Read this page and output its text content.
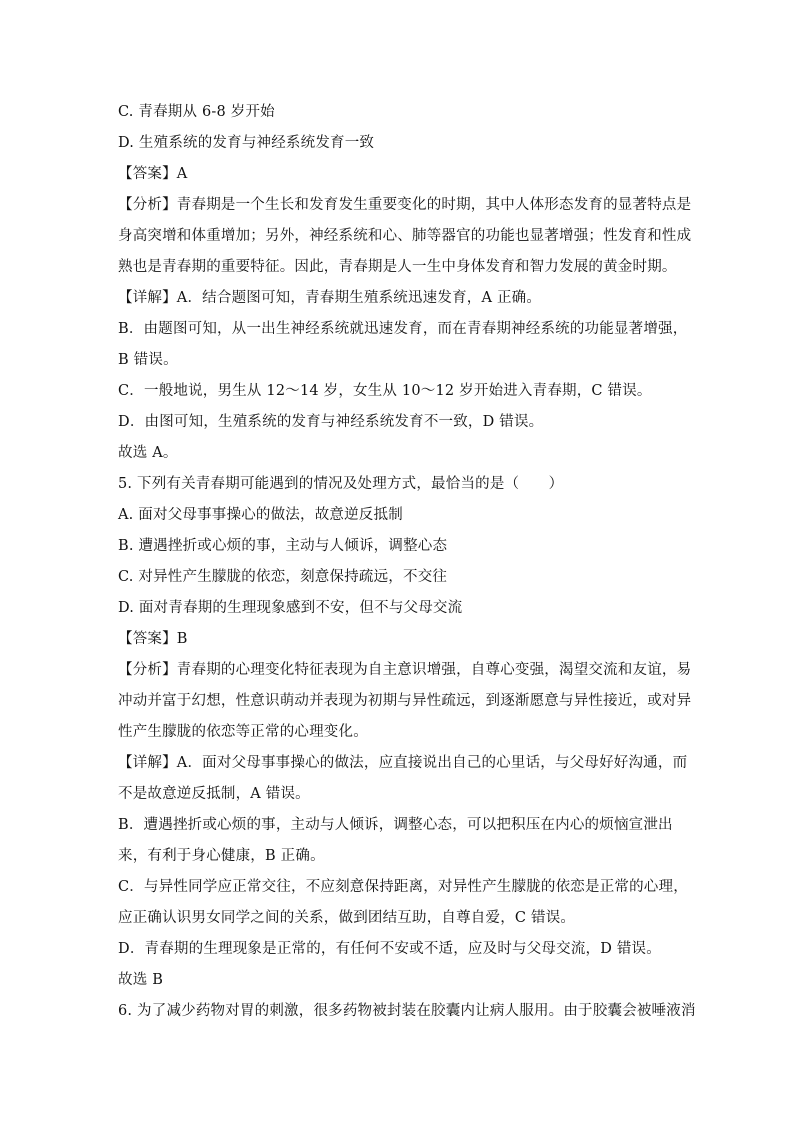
C. 青春期从 6-8 岁开始
D. 生殖系统的发育与神经系统发育一致
【答案】A
【分析】青春期是一个生长和发育发生重要变化的时期，其中人体形态发育的显著特点是
身高突增和体重增加；另外，神经系统和心、肺等器官的功能也显著增强；性发育和性成
熟也是青春期的重要特征。因此，青春期是人一生中身体发育和智力发展的黄金时期。
【详解】A．结合题图可知，青春期生殖系统迅速发育，A 正确。
B．由题图可知，从一出生神经系统就迅速发育，而在青春期神经系统的功能显著增强，
B 错误。
C．一般地说，男生从 12～14 岁，女生从 10～12 岁开始进入青春期，C 错误。
D．由图可知，生殖系统的发育与神经系统发育不一致，D 错误。
故选 A。
5. 下列有关青春期可能遇到的情况及处理方式，最恰当的是（　　）
A. 面对父母事事操心的做法，故意逆反抵制
B. 遭遇挫折或心烦的事，主动与人倾诉，调整心态
C. 对异性产生朦胧的依恋，刻意保持疏远，不交往
D. 面对青春期的生理现象感到不安，但不与父母交流
【答案】B
【分析】青春期的心理变化特征表现为自主意识增强，自尊心变强，渴望交流和友谊，易
冲动并富于幻想，性意识萌动并表现为初期与异性疏远，到逐渐愿意与异性接近，或对异
性产生朦胧的依恋等正常的心理变化。
【详解】A．面对父母事事操心的做法，应直接说出自己的心里话，与父母好好沟通，而
不是故意逆反抵制，A 错误。
B．遭遇挫折或心烦的事，主动与人倾诉，调整心态，可以把积压在内心的烦恼宣泄出
来，有利于身心健康，B 正确。
C．与异性同学应正常交往，不应刻意保持距离，对异性产生朦胧的依恋是正常的心理，
应正确认识男女同学之间的关系，做到团结互助，自尊自爱，C 错误。
D．青春期的生理现象是正常的，有任何不安或不适，应及时与父母交流，D 错误。
故选 B
6. 为了减少药物对胃的刺激，很多药物被封装在胶囊内让病人服用。由于胶囊会被唾液消
